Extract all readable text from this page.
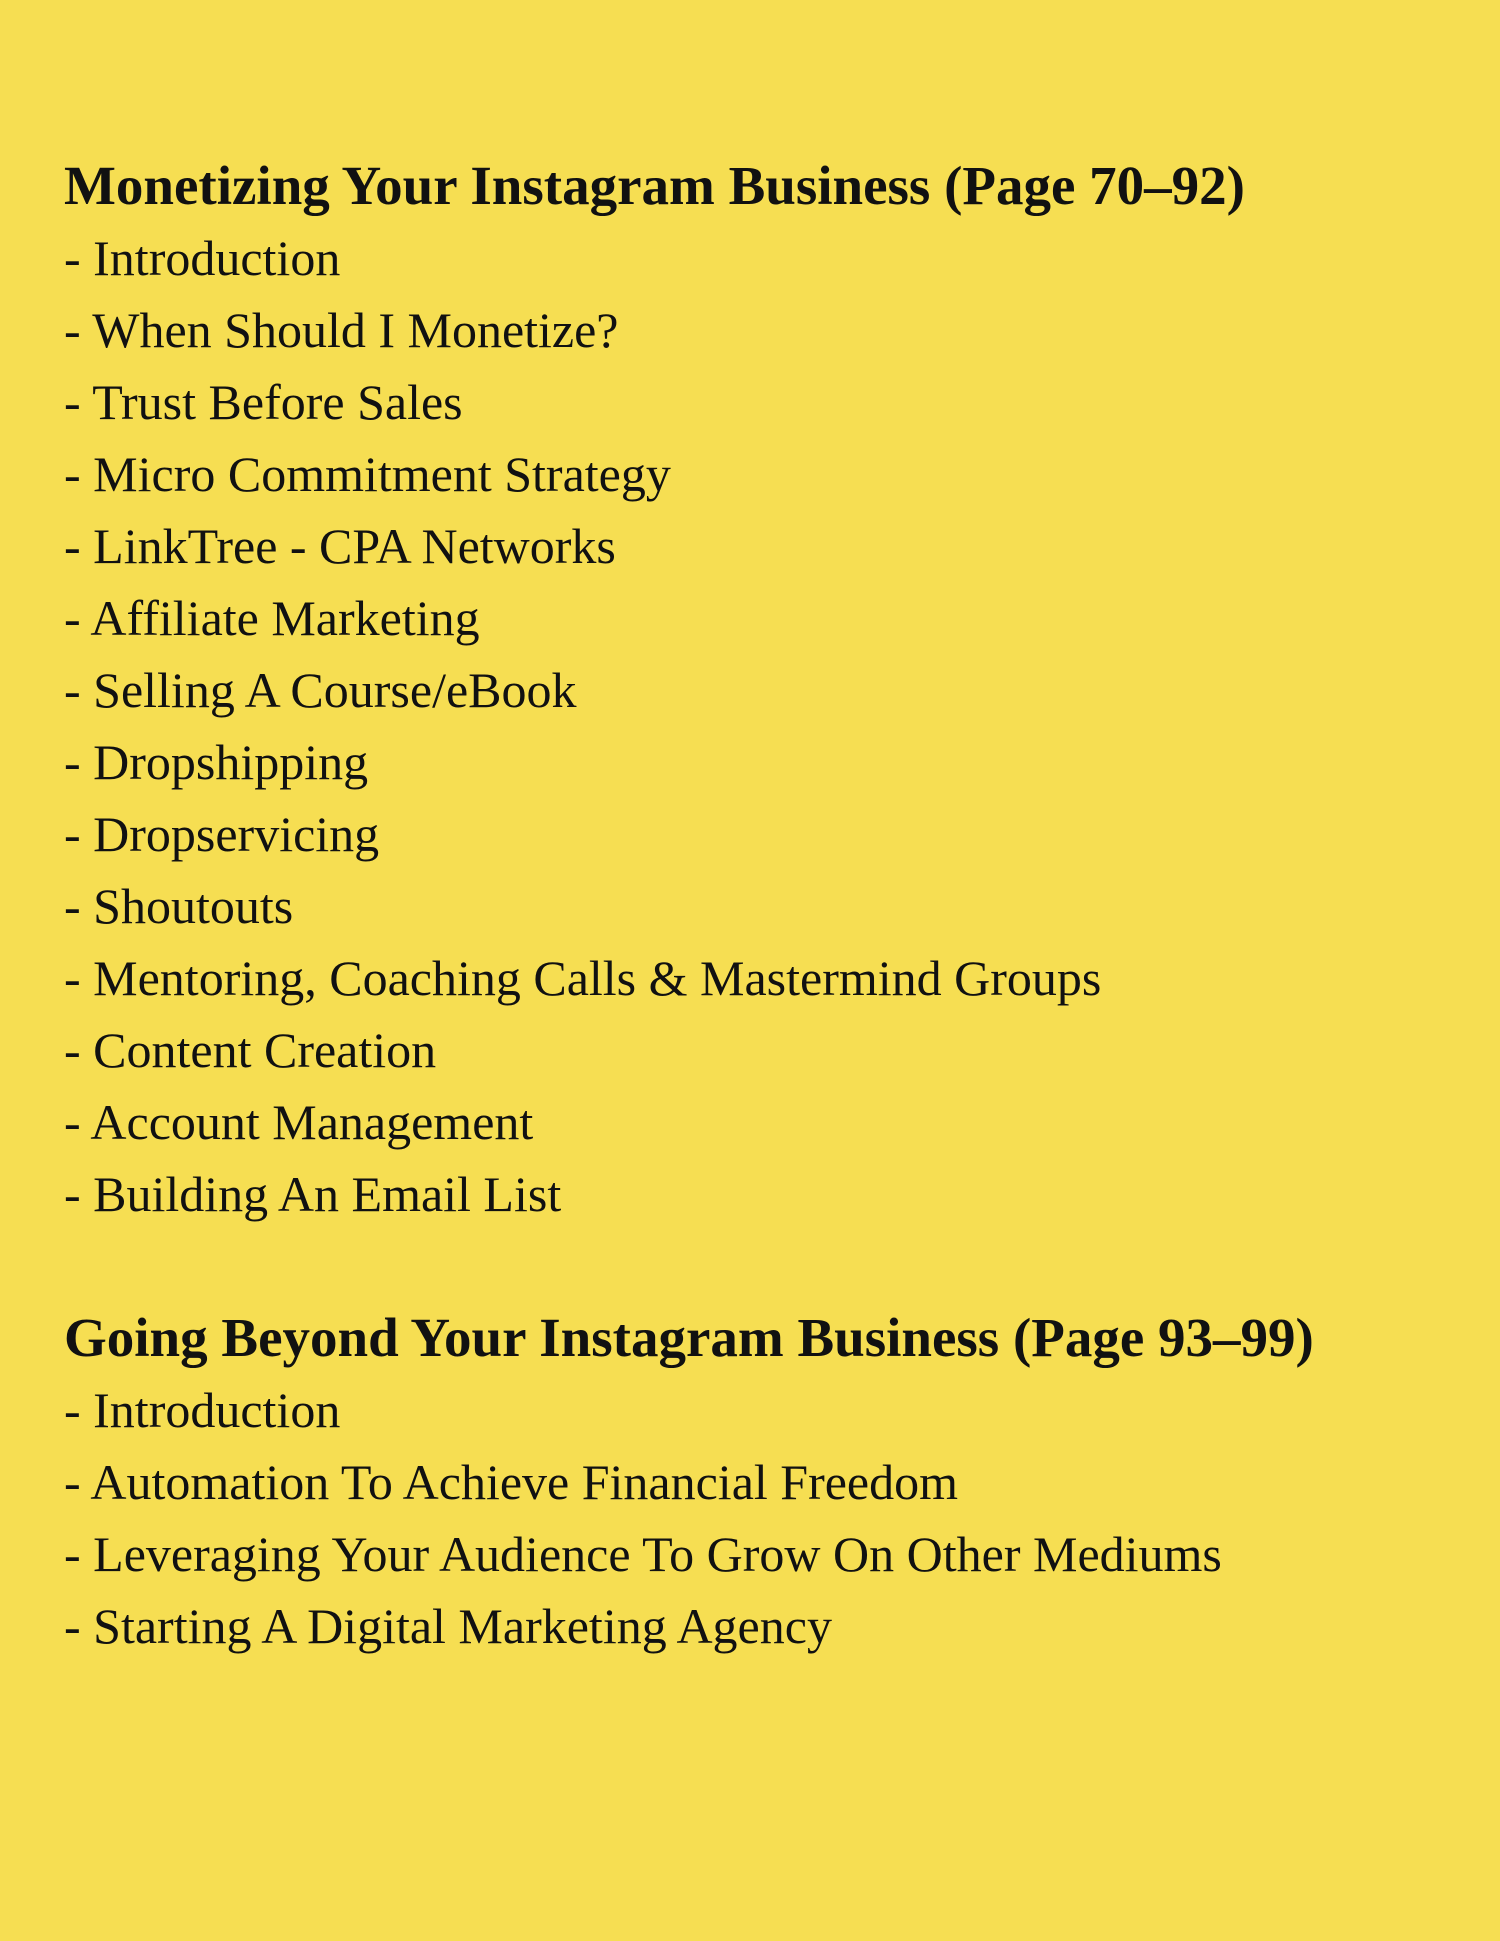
Monetizing Your Instagram Business (Page 70–92)
- Introduction
- When Should I Monetize?
- Trust Before Sales
- Micro Commitment Strategy
- LinkTree - CPA Networks
- Affiliate Marketing
- Selling A Course/eBook
- Dropshipping
- Dropservicing
- Shoutouts
- Mentoring, Coaching Calls & Mastermind Groups
- Content Creation
- Account Management
- Building An Email List
Going Beyond Your Instagram Business (Page 93–99)
- Introduction
- Automation To Achieve Financial Freedom
- Leveraging Your Audience To Grow On Other Mediums
- Starting A Digital Marketing Agency
